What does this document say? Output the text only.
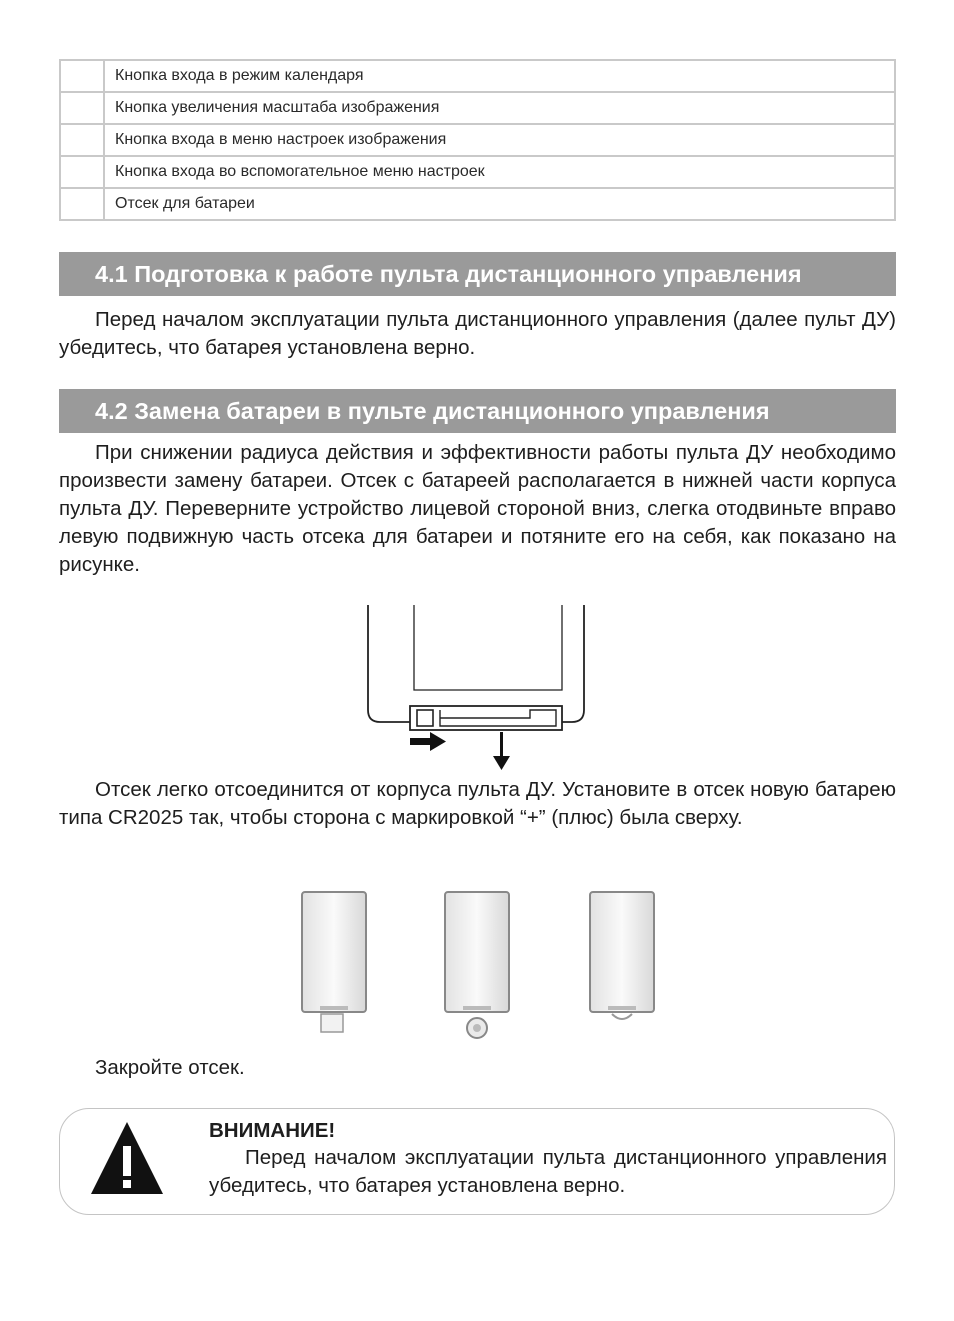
	Кнопка входа в режим календаря
	Кнопка увеличения масштаба изображения
	Кнопка входа в меню настроек изображения
	Кнопка входа во вспомогательное меню настроек
	Отсек для батареи
4.1 Подготовка к работе пульта дистанционного управления

Перед началом эксплуатации пульта дистанционного управления (далее пульт ДУ) убедитесь, что батарея установлена верно.

4.2 Замена батареи в пульте дистанционного управления

При снижении радиуса действия и эффективности работы пульта ДУ необходимо произвести замену батареи. Отсек с батареей располагается в нижней части корпуса пульта ДУ. Переверните устройство лицевой стороной вниз, слегка отодвиньте вправо левую подвижную часть отсека для батареи и потяните его на себя, как показано на рисунке.

Отсек легко отсоединится от корпуса пульта ДУ. Установите в отсек новую батарею типа CR2025 так, чтобы сторона с маркировкой “+” (плюс) была сверху.

Закройте отсек.

ВНИМАНИЕ!

Перед началом эксплуатации пульта дистанционного управления убедитесь, что батарея установлена верно.
